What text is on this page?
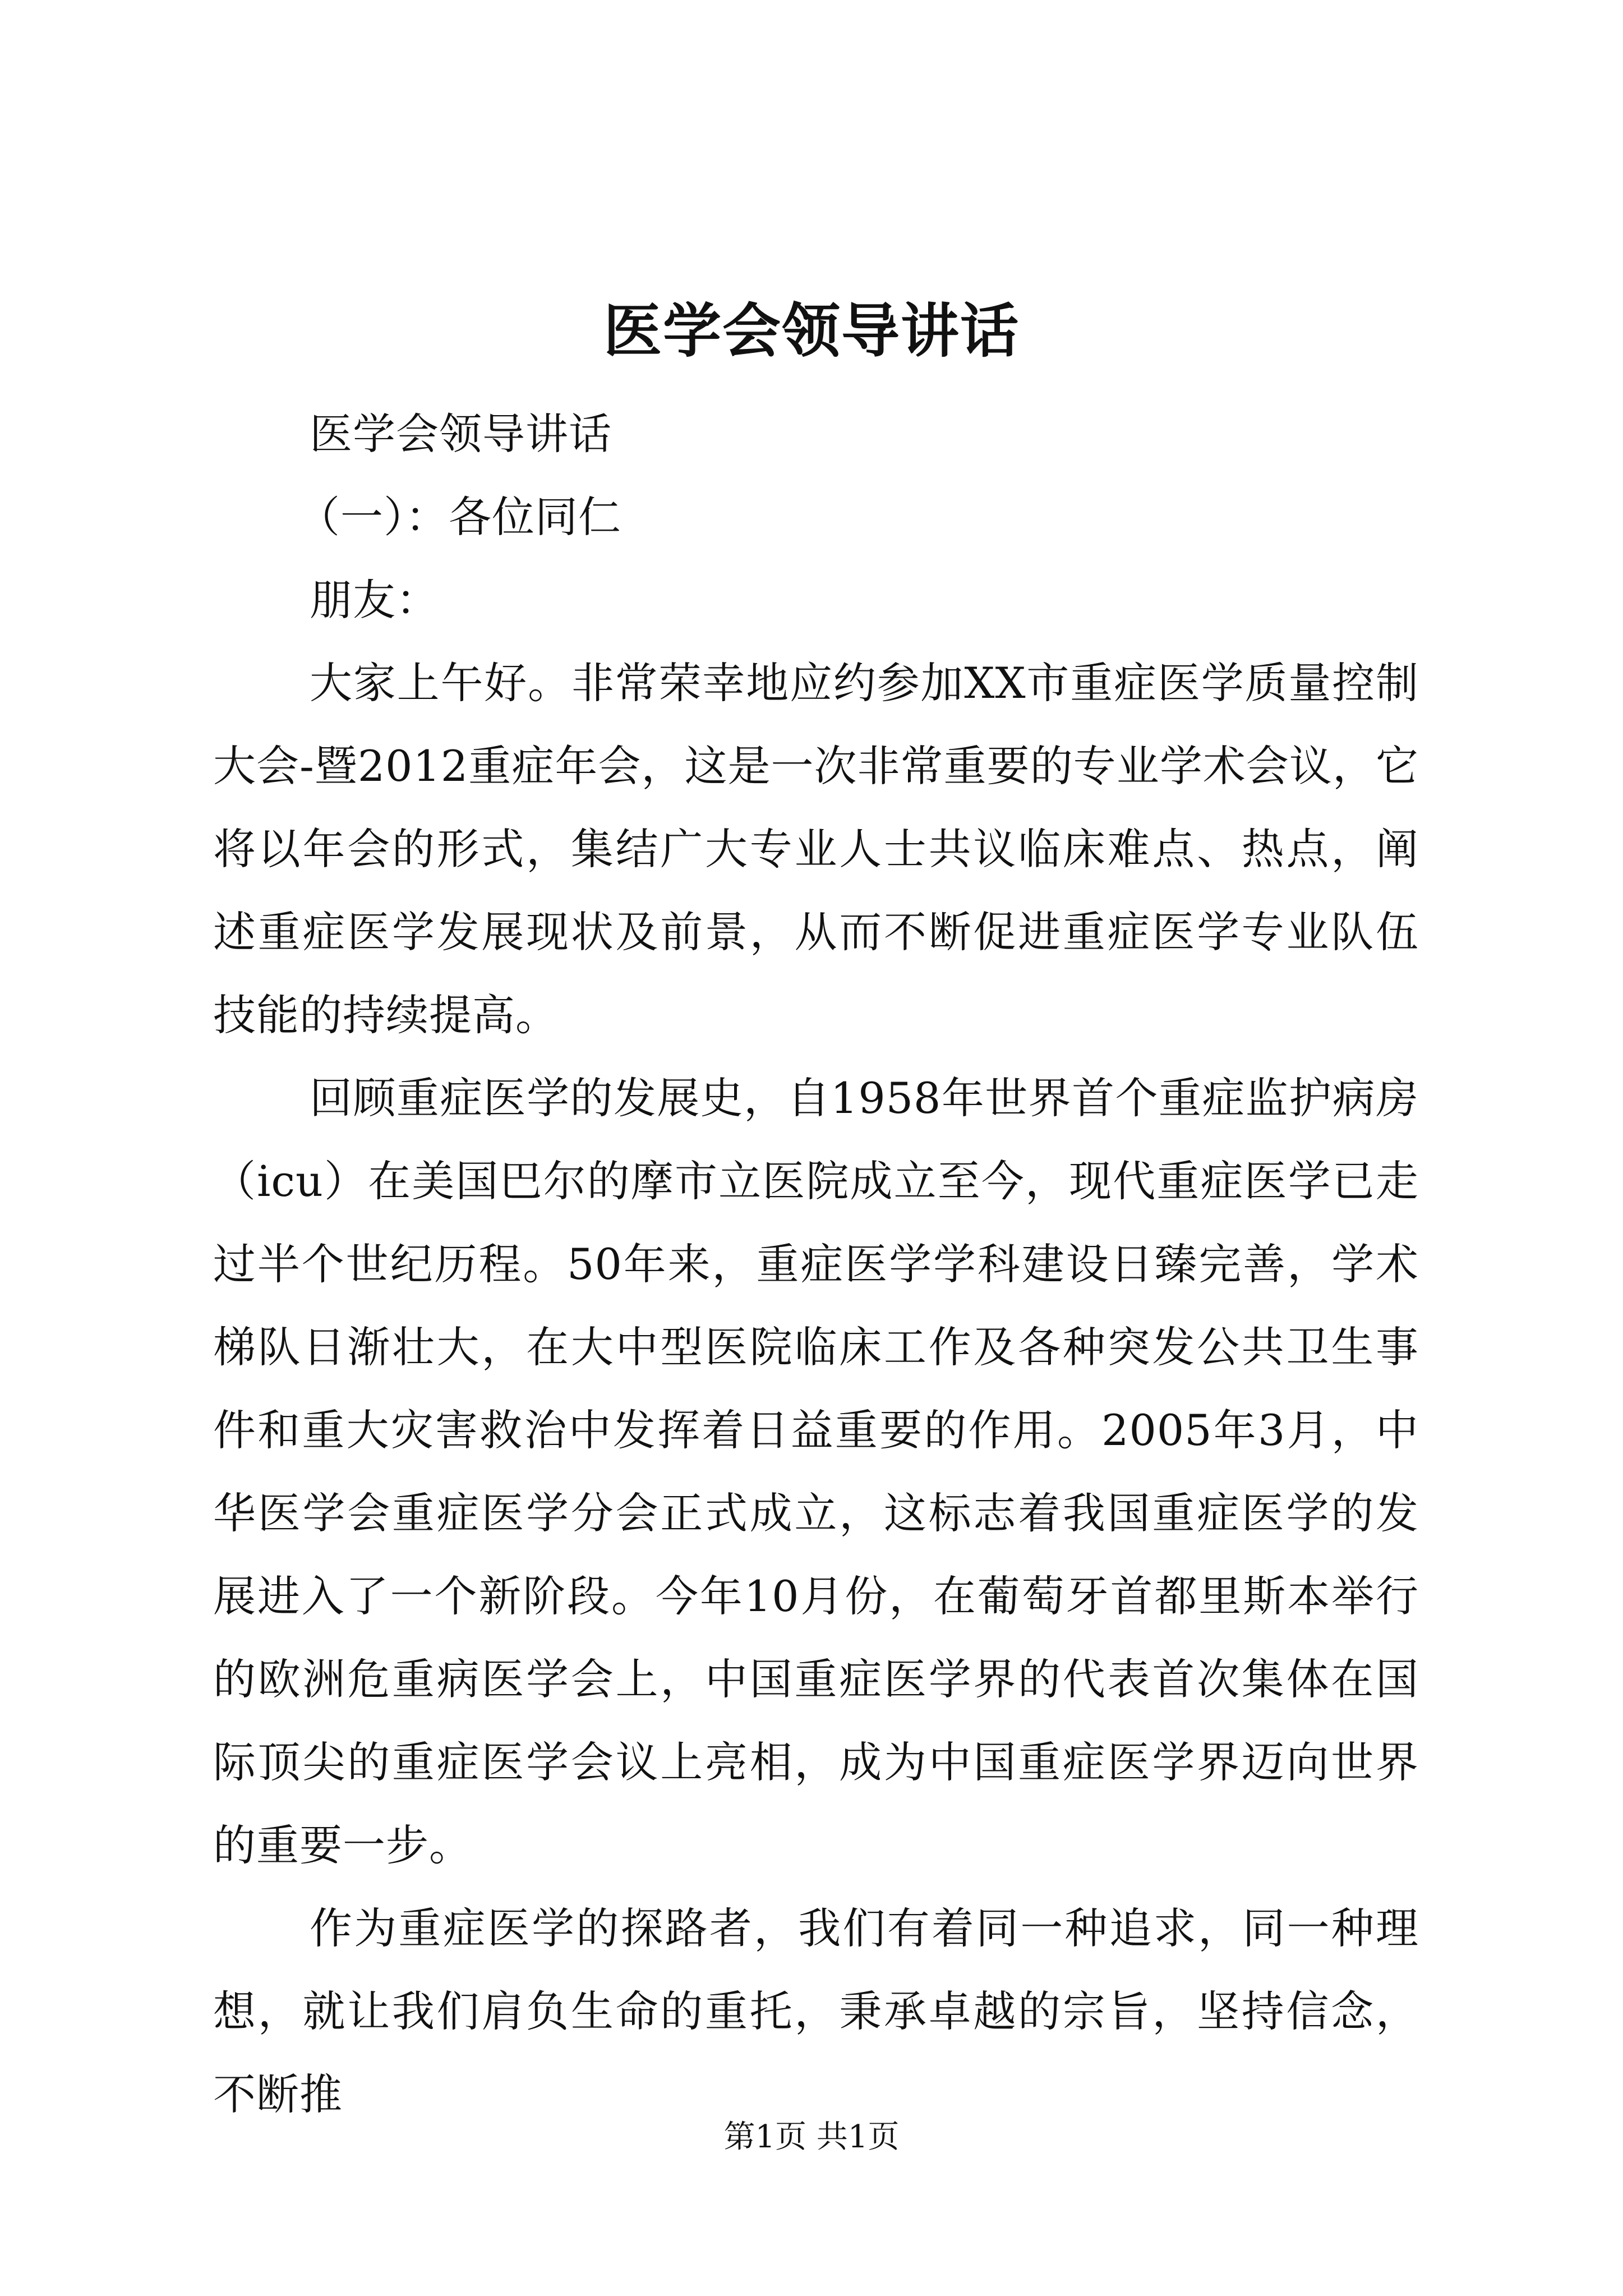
医学会领导讲话

医学会领导讲话

（一）：各位同仁

朋友：

大家上午好。非常荣幸地应约参加XX市重症医学质量控制大会-暨2012重症年会，这是一次非常重要的专业学术会议，它将以年会的形式，集结广大专业人士共议临床难点、热点，阐述重症医学发展现状及前景，从而不断促进重症医学专业队伍技能的持续提高。

回顾重症医学的发展史，自1958年世界首个重症监护病房（icu）在美国巴尔的摩市立医院成立至今，现代重症医学已走过半个世纪历程。50年来，重症医学学科建设日臻完善，学术梯队日渐壮大，在大中型医院临床工作及各种突发公共卫生事件和重大灾害救治中发挥着日益重要的作用。2005年3月，中华医学会重症医学分会正式成立，这标志着我国重症医学的发展进入了一个新阶段。今年10月份，在葡萄牙首都里斯本举行的欧洲危重病医学会上，中国重症医学界的代表首次集体在国际顶尖的重症医学会议上亮相，成为中国重症医学界迈向世界的重要一步。

作为重症医学的探路者，我们有着同一种追求，同一种理想，就让我们肩负生命的重托，秉承卓越的宗旨，坚持信念，不断推

第1页 共1页
